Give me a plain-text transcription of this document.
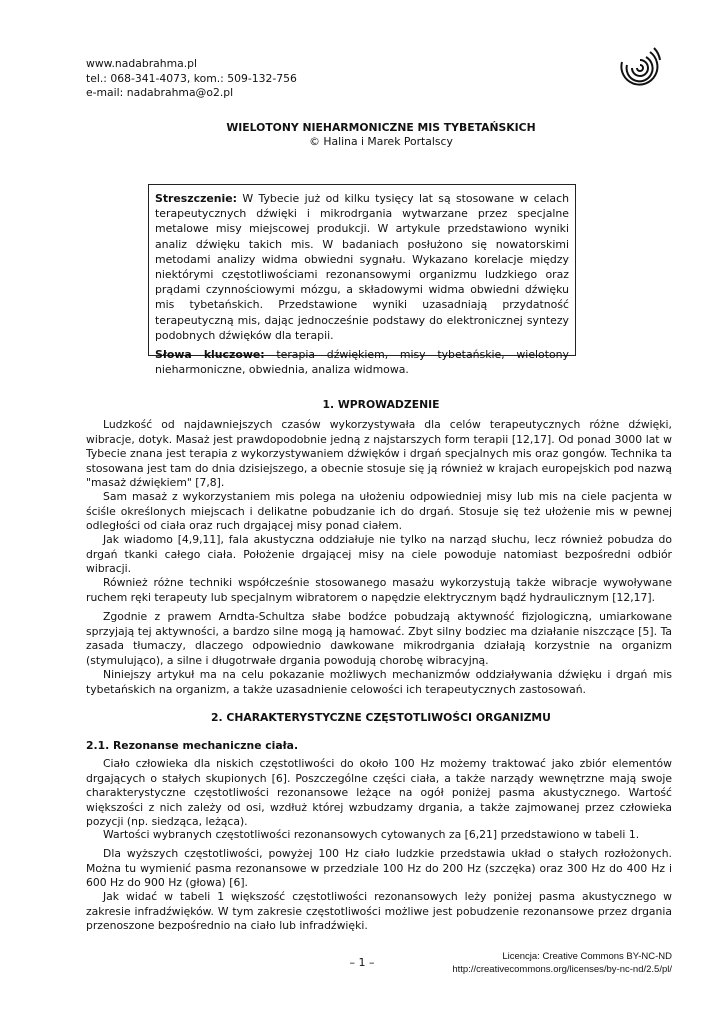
www.nadabrahma.pl
tel.: 068-341-4073, kom.: 509-132-756
e-mail: nadabrahma@o2.pl
WIELOTONY NIEHARMONICZNE MIS TYBETAŃSKICH
© Halina i Marek Portalscy

Streszczenie: W Tybecie już od kilku tysięcy lat są stosowane w celach terapeutycznych dźwięki i mikrodrgania wytwarzane przez specjalne metalowe misy miejscowej produkcji. W artykule przedstawiono wyniki analiz dźwięku takich mis. W badaniach posłużono się nowatorskimi metodami analizy widma obwiedni sygnału. Wykazano korelacje między niektórymi częstotliwościami rezonansowymi organizmu ludzkiego oraz prądami czynnościowymi mózgu, a składowymi widma obwiedni dźwięku mis tybetańskich. Przedstawione wyniki uzasadniają przydatność terapeutyczną mis, dając jednocześnie podstawy do elektronicznej syntezy podobnych dźwięków dla terapii.

Słowa kluczowe: terapia dźwiękiem, misy tybetańskie, wielotony nieharmoniczne, obwiednia, analiza widmowa.

1. WPROWADZENIE

Ludzkość od najdawniejszych czasów wykorzystywała dla celów terapeutycznych różne dźwięki, wibracje, dotyk. Masaż jest prawdopodobnie jedną z najstarszych form terapii [12,17]. Od ponad 3000 lat w Tybecie znana jest terapia z wykorzystywaniem dźwięków i drgań specjalnych mis oraz gongów. Technika ta stosowana jest tam do dnia dzisiejszego, a obecnie stosuje się ją również w krajach europejskich pod nazwą "masaż dźwiękiem" [7,8].

Sam masaż z wykorzystaniem mis polega na ułożeniu odpowiedniej misy lub mis na ciele pacjenta w ściśle określonych miejscach i delikatne pobudzanie ich do drgań. Stosuje się też ułożenie mis w pewnej odległości od ciała oraz ruch drgającej misy ponad ciałem.

Jak wiadomo [4,9,11], fala akustyczna oddziałuje nie tylko na narząd słuchu, lecz również pobudza do drgań tkanki całego ciała. Położenie drgającej misy na ciele powoduje natomiast bezpośredni odbiór wibracji.

Również różne techniki współcześnie stosowanego masażu wykorzystują także wibracje wywoływane ruchem ręki terapeuty lub specjalnym wibratorem o napędzie elektrycznym bądź hydraulicznym [12,17].

Zgodnie z prawem Arndta-Schultza słabe bodźce pobudzają aktywność fizjologiczną, umiarkowane sprzyjają tej aktywności, a bardzo silne mogą ją hamować. Zbyt silny bodziec ma działanie niszczące [5]. Ta zasada tłumaczy, dlaczego odpowiednio dawkowane mikrodrgania działają korzystnie na organizm (stymulująco), a silne i długotrwałe drgania powodują chorobę wibracyjną.

Niniejszy artykuł ma na celu pokazanie możliwych mechanizmów oddziaływania dźwięku i drgań mis tybetańskich na organizm, a także uzasadnienie celowości ich terapeutycznych zastosowań.

2. CHARAKTERYSTYCZNE CZĘSTOTLIWOŚCI ORGANIZMU
2.1. Rezonanse mechaniczne ciała.

Ciało człowieka dla niskich częstotliwości do około 100 Hz możemy traktować jako zbiór elementów drgających o stałych skupionych [6]. Poszczególne części ciała, a także narządy wewnętrzne mają swoje charakterystyczne częstotliwości rezonansowe leżące na ogół poniżej pasma akustycznego. Wartość większości z nich zależy od osi, wzdłuż której wzbudzamy drgania, a także zajmowanej przez człowieka pozycji (np. siedząca, leżąca).

Wartości wybranych częstotliwości rezonansowych cytowanych za [6,21] przedstawiono w tabeli 1.

Dla wyższych częstotliwości, powyżej 100 Hz ciało ludzkie przedstawia układ o stałych rozłożonych. Można tu wymienić pasma rezonansowe w przedziale 100 Hz do 200 Hz (szczęka) oraz 300 Hz do 400 Hz i 600 Hz do 900 Hz (głowa) [6].

Jak widać w tabeli 1 większość częstotliwości rezonansowych leży poniżej pasma akustycznego w zakresie infradźwięków. W tym zakresie częstotliwości możliwe jest pobudzenie rezonansowe przez drgania przenoszone bezpośrednio na ciało lub infradźwięki.

– 1 –	Licencja: Creative Commons BY-NC-ND
http://creativecommons.org/licenses/by-nc-nd/2.5/pl/
